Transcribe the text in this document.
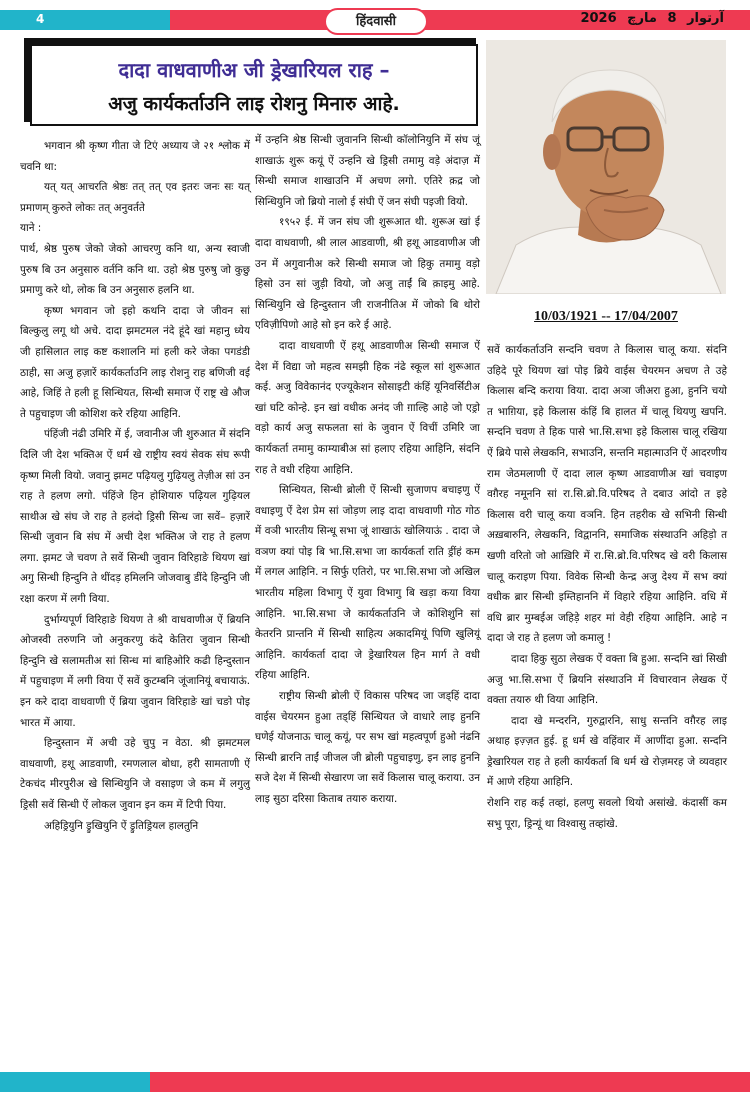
4	हिंदवासी	آرتوار 8 مارچ 2026
दादा वाधवाणीअ जी ड्रेखारियल राह –
अजु कार्यकर्ताउनि लाइ रोशनु मिनारु आहे.
10/03/1921 -- 17/04/2007

भगवान श्री कृष्ण गीता जे टिएं अध्याय जे २१ श्लोक में चवनि था:

यत् यत् आचरति श्रेष्ठः तत् तत् एव इतरः जनः सः यत् प्रमाणम् कुरुते लोकः तत् अनुवर्तते

याने :

पार्थ, श्रेष्ठ पुरुष जेको जेको आचरणु कनि था, अन्य स्वाजी पुरुष बि उन अनुसारु वर्तनि कनि था. उहो श्रेष्ठ पुरुषु जो कुछु प्रमाणु करे थो, लोक बि उन अनुसारु हलनि था.

कृष्ण भगवान जो इहो कथनि दादा जे जीवन सां बिल्कुलु लगू थो अचे. दादा झमटमल नंदे हूंदे खां महानु ध्येय जी हासिलात लाइ कष्ट कशालनि मां हली करे जेका पगडंडी ठाही, सा अजु हज़ारें कार्यकर्ताउनि लाइ रोशनु राह बणिजी वई आहे, जिहिं ते हली हू सिन्धियत, सिन्धी समाज ऐं राष्ट्र खे औज ते पहुचाइण जी कोशिश करे रहिया आहिनि.

पंहिंजी नंढी उमिरि में ई, जवानीअ जी शुरुआत में संदनि दिलि जी देश भक्तिअ ऐं धर्म खे राष्ट्रीय स्वयं सेवक संघ रूपी कृष्ण मिली वियो. जवानु झमट पढ़ियलु गुढ़ियलु तेज़ीअ सां उन राह ते हलण लगो. पंहिंजे हिन होशियारु पढ़ियल गुढ़ियल साथीअ खे संघ जे राह ते हलंदो ड्रिसी सिन्ध जा सवें– हज़ारें सिन्धी जुवान बि संघ में अची देश भक्तिअ जे राह ते हलण लगा. झमट जे चवण ते सवें सिन्धी जुवान विरिहाङे थियण खां अगु सिन्धी हिन्दुनि ते थींदड़ हमिलनि जोजवाबु डींदे हिन्दुनि जी रक्षा करण में लगी विया.

दुर्भाग्यपूर्ण विरिहाङे थियण ते श्री वाधवाणीअ ऐं ब्रियनि ओजस्वी तरुणनि जो अनुकरणु कंदे केतिरा जुवान सिन्धी हिन्दुनि खे सलामतीअ सां सिन्ध मां बाहिओरि कढी हिन्दुस्तान में पहुचाइण में लगी विया ऐं सवें कुटम्बनि जूंजानियूं बचायाऊं. इन करे दादा वाधवाणी ऐं ब्रिया जुवान विरिहाङे खां चङो पोइ भारत में आया.

हिन्दुस्तान में अची उहे चुपु न वेठा. श्री झमटमल वाधवाणी, हशू आडवाणी, रमणलाल बोधा, हरी सामताणी ऐं टेकचंद मीरपुरीअ खे सिन्धियुनि जे वसाइण जे कम में लगुलु ड्रिसी सवें सिन्धी ऐं लोकल जुवान इन कम में टिपी पिया.

अहिड्रियुनि ड्रुखियुनि ऐं ड्रुतिड्रियल हालतुनि

में उन्हनि श्रेष्ठ सिन्धी जुवाननि सिन्धी कॉलोनियुनि में संघ जूं शाखाऊं शुरू कयूं ऐं उन्हनि खे ड्रिसी तमामु वड़े अंदाज़ में सिन्धी समाज शाखाउनि में अचण लगो. एतिरे क़द्र जो सिन्धियुनि जो ब्रियो नालो ई संघी ऐं जन संघी पइजी वियो.

१९५२ ई. में जन संघ जी शुरूआत थी. शुरूअ खां ई दादा वाधवाणी, श्री लाल आडवाणी, श्री हशू आडवाणीअ जी उन में अगुवानीअ करे सिन्धी समाज जो हिकु तमामु वड़ो हिसो उन सां जुड़ी वियो, जो अजु ताईं बि क़ाइमु आहे. सिन्धियुनि खे हिन्दुस्तान जी राजनीतिअ में जोको बि थोरो एविज़ीपिणो आहे सो इन करे ई आहे.

दादा वाधवाणी ऐं हशू आडवाणीअ सिन्धी समाज ऐं देश में विद्या जो महत्व समझी हिक नंढे स्कूल सां शुरूआत कई. अजु विवेकानंद एज्यूकेशन सोसाइटी कंहिं यूनिवर्सिटीअ खां घटि कोन्हे. इन खां वधीक अनंद जी ग़ाल्हि आहे जो एड्रो वड़ो कार्य अजु सफलता सां के जुवान ऐं विचीं उमिरि जा कार्यकर्ता तमामु काम्‍याबीअ सां हलाए रहिया आहिनि, संदनि राह ते वधी रहिया आहिनि.

सिन्धियत, सिन्धी ब्रोली ऐं सिन्धी सुजाणप बचाइणु ऐं वधाइणु ऐं देश प्रेम सां जोड़ण लाइ दादा वाधवाणी गोठ गोठ में वञी भारतीय सिन्धू सभा जूं शाखाऊं खोलियाऊं . दादा जे वञण क्यां पोइ बि भा.सि.सभा जा कार्यकर्ता राति ड्रींहं कम में लगल आहिनि. न सिर्फु एतिरो, पर भा.सि.सभा जो अखिल भारतीय महिला विभागु ऐं युवा विभागु बि खड़ा कया विया आहिनि. भा.सि.सभा जे कार्यकर्ताउनि जे कोशिशुनि सां केतरनि प्रान्तनि में सिन्धी साहित्य अकादमियूं पिणि खुलियूं आहिनि. कार्यकर्ता दादा जे ड्रेखारियल हिन मार्ग ते वधी रहिया आहिनि.

राष्ट्रीय सिन्धी ब्रोली ऐं विकास परिषद जा जड्हिं दादा वाईस चेयरमन हुआ तड्हिं सिन्धियत जे वाधारे लाइ हुननि घणेई योजनाऊ चालू कयूं, पर सभ खां महत्वपूर्ण हुओ नंढनि सिन्धी ब्रारनि ताईं जीजल जी ब्रोली पहुचाइणु, इन लाइ हुननि सजे देश में सिन्धी सेखारण जा सवें किलास चालू कराया. उन लाइ सुठा दरिसा किताब तयारु कराया.

सवें कार्यकर्ताउनि सन्दनि चवण ते किलास चालू कया. संदनि उहिदे पूरे थियण खां पोइ ब्रिये वाईस चेयरमन अचण ते उहे किलास बन्दि कराया विया. दादा अञा जीअरा हुआ, हुननि चयो त भाग़िया, इहे किलास कंहिं बि हालत में चालू थियणु खपनि. सन्दनि चवण ते हिक पासे भा.सि.सभा इहे किलास चालू रखिया ऐं ब्रिये पासे लेखकनि, सभाउनि, सन्तनि महात्माउनि ऐं आदरणीय राम जेठमलाणी ऐं दादा लाल कृष्ण आडवाणीअ खां चवाइण वग़ैरह नमूननि सां रा.सि.ब्रो.वि.परिषद ते दबाउ आंदो त इहे किलास वरी चालू कया वञनि. हिन तहरीक खे सभिनी सिन्धी अख़बारुनि, लेखकनि, विद्वाननि, समाजिक संस्थाउनि अहिड़ो त खणी वरितो जो आख़िरि में रा.सि.ब्रो.वि.परिषद खे वरी किलास चालू कराइण पिया. विवेक सिन्धी केन्द्र अजु देश्य में सभ क्यां वधीक ब्रार सिन्धी इम्तिहाननि में विहारे रहिया आहिनि. वधि में वधि ब्रार मुम्बईअ जहिड़े शहर मां वेही रहिया आहिनि. आहे न दादा जे राह ते हलण जो कमालु !

दादा हिकु सुठा लेखक ऐं वक्ता बि हुआ. सन्दनि खां सिखी अजु भा.सि.सभा ऐं ब्रियनि संस्थाउनि में विचारवान लेखक ऐं वक्ता तयारु थी विया आहिनि.

दादा खे मन्दरनि, गुरुद्वारनि, साधु सन्तनि वग़ैरह लाइ अथाह इज़्ज़त हुई. हू धर्म खे वहिंवार में आणींदा हुआ. सन्दनि ड्रेखारियल राह ते हली कार्यकर्ता बि धर्म खे रोज़मरह जे व्यवहार में आणे रहिया आहिनि.

रोशनि राह कई तव्हां, हलणु सवलो थियो असांखे. कंदासीं कम सभु पूरा, ड्रिन्यूं था विश्वासु तव्हांखे.
